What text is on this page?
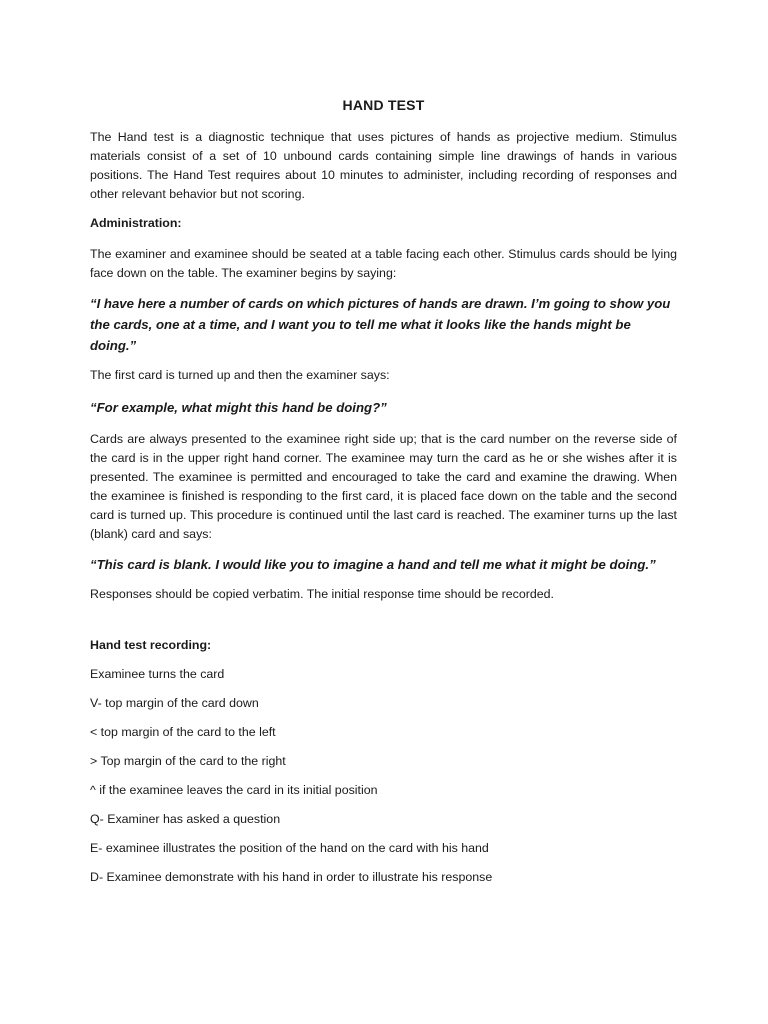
HAND TEST

The Hand test is a diagnostic technique that uses pictures of hands as projective medium. Stimulus materials consist of a set of 10 unbound cards containing simple line drawings of hands in various positions. The Hand Test requires about 10 minutes to administer, including recording of responses and other relevant behavior but not scoring.

Administration:

The examiner and examinee should be seated at a table facing each other. Stimulus cards should be lying face down on the table. The examiner begins by saying:

“I have here a number of cards on which pictures of hands are drawn. I’m going to show you the cards, one at a time, and I want you to tell me what it looks like the hands might be doing.”

The first card is turned up and then the examiner says:

“For example, what might this hand be doing?”

Cards are always presented to the examinee right side up; that is the card number on the reverse side of the card is in the upper right hand corner. The examinee may turn the card as he or she wishes after it is presented. The examinee is permitted and encouraged to take the card and examine the drawing. When the examinee is finished is responding to the first card, it is placed face down on the table and the second card is turned up. This procedure is continued until the last card is reached. The examiner turns up the last (blank) card and says:

“This card is blank. I would like you to imagine a hand and tell me what it might be doing.”

Responses should be copied verbatim. The initial response time should be recorded.

Hand test recording:

Examinee turns the card

V- top margin of the card down

< top margin of the card to the left

> Top margin of the card to the right

^ if the examinee leaves the card in its initial position

Q- Examiner has asked a question

E- examinee illustrates the position of the hand on the card with his hand

D- Examinee demonstrate with his hand in order to illustrate his response
